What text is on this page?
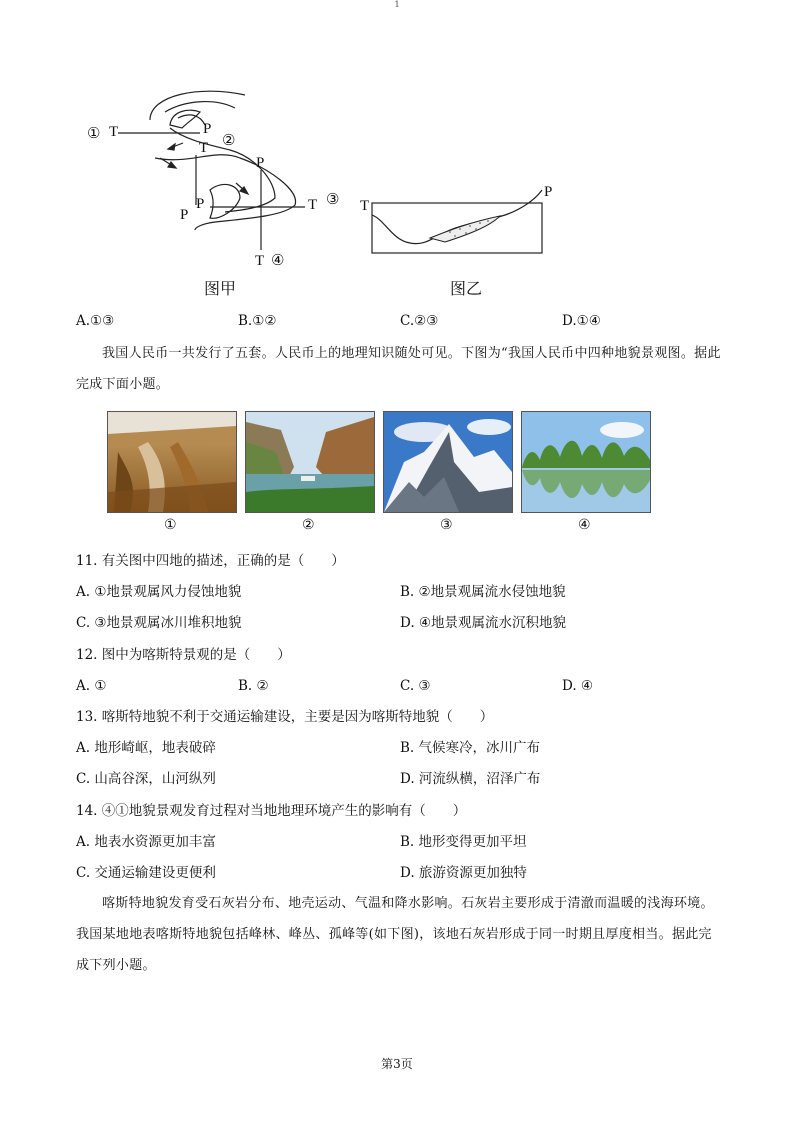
1
① T	P
②
T
P
P
P
T ③
T ④
图甲
T
P
图乙
A.①③	B.①②	C.②③	D.①④
我国人民币一共发行了五套。人民币上的地理知识随处可见。下图为“我国人民币中四种地貌景观图。据此完成下面小题。
①	②	③	④
11. 有关图中四地的描述，正确的是（　　）
A. ①地景观属风力侵蚀地貌	B. ②地景观属流水侵蚀地貌
C. ③地景观属冰川堆积地貌	D. ④地景观属流水沉积地貌
12. 图中为喀斯特景观的是（　　）
A. ①	B. ②	C. ③	D. ④
13. 喀斯特地貌不利于交通运输建设，主要是因为喀斯特地貌（　　）
A. 地形崎岖，地表破碎	B. 气候寒冷，冰川广布
C. 山高谷深，山河纵列	D. 河流纵横，沼泽广布
14. ④①地貌景观发育过程对当地地理环境产生的影响有（　　）
A. 地表水资源更加丰富	B. 地形变得更加平坦
C. 交通运输建设更便利	D. 旅游资源更加独特
喀斯特地貌发育受石灰岩分布、地壳运动、气温和降水影响。石灰岩主要形成于清澈而温暖的浅海环境。我国某地地表喀斯特地貌包括峰林、峰丛、孤峰等(如下图)，该地石灰岩形成于同一时期且厚度相当。据此完成下列小题。
第3页
